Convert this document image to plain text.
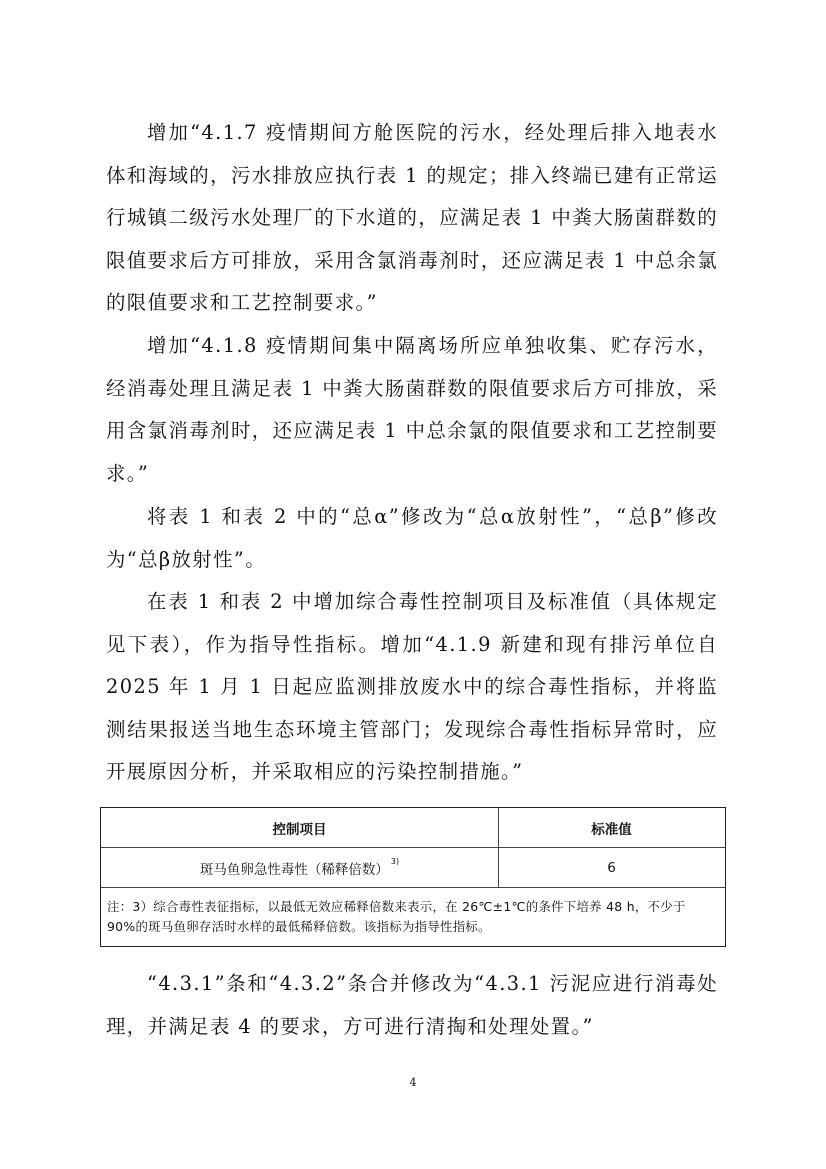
增加“4.1.7 疫情期间方舱医院的污水，经处理后排入地表水体和海域的，污水排放应执行表 1 的规定；排入终端已建有正常运行城镇二级污水处理厂的下水道的，应满足表 1 中粪大肠菌群数的限值要求后方可排放，采用含氯消毒剂时，还应满足表 1 中总余氯的限值要求和工艺控制要求。”

增加“4.1.8 疫情期间集中隔离场所应单独收集、贮存污水，经消毒处理且满足表 1 中粪大肠菌群数的限值要求后方可排放，采用含氯消毒剂时，还应满足表 1 中总余氯的限值要求和工艺控制要求。”

将表 1 和表 2 中的“总α”修改为“总α放射性”，“总β”修改为“总β放射性”。

在表 1 和表 2 中增加综合毒性控制项目及标准值（具体规定见下表），作为指导性指标。增加“4.1.9 新建和现有排污单位自 2025 年 1 月 1 日起应监测排放废水中的综合毒性指标，并将监测结果报送当地生态环境主管部门；发现综合毒性指标异常时，应开展原因分析，并采取相应的污染控制措施。”

控制项目	标准值
斑马鱼卵急性毒性（稀释倍数） 3)	6

注：3）综合毒性表征指标，以最低无效应稀释倍数来表示，在 26℃±1℃的条件下培养 48 h，不少于 90%的斑马鱼卵存活时水样的最低稀释倍数。该指标为指导性指标。

“4.3.1”条和“4.3.2”条合并修改为“4.3.1 污泥应进行消毒处理，并满足表 4 的要求，方可进行清掏和处理处置。”

4
